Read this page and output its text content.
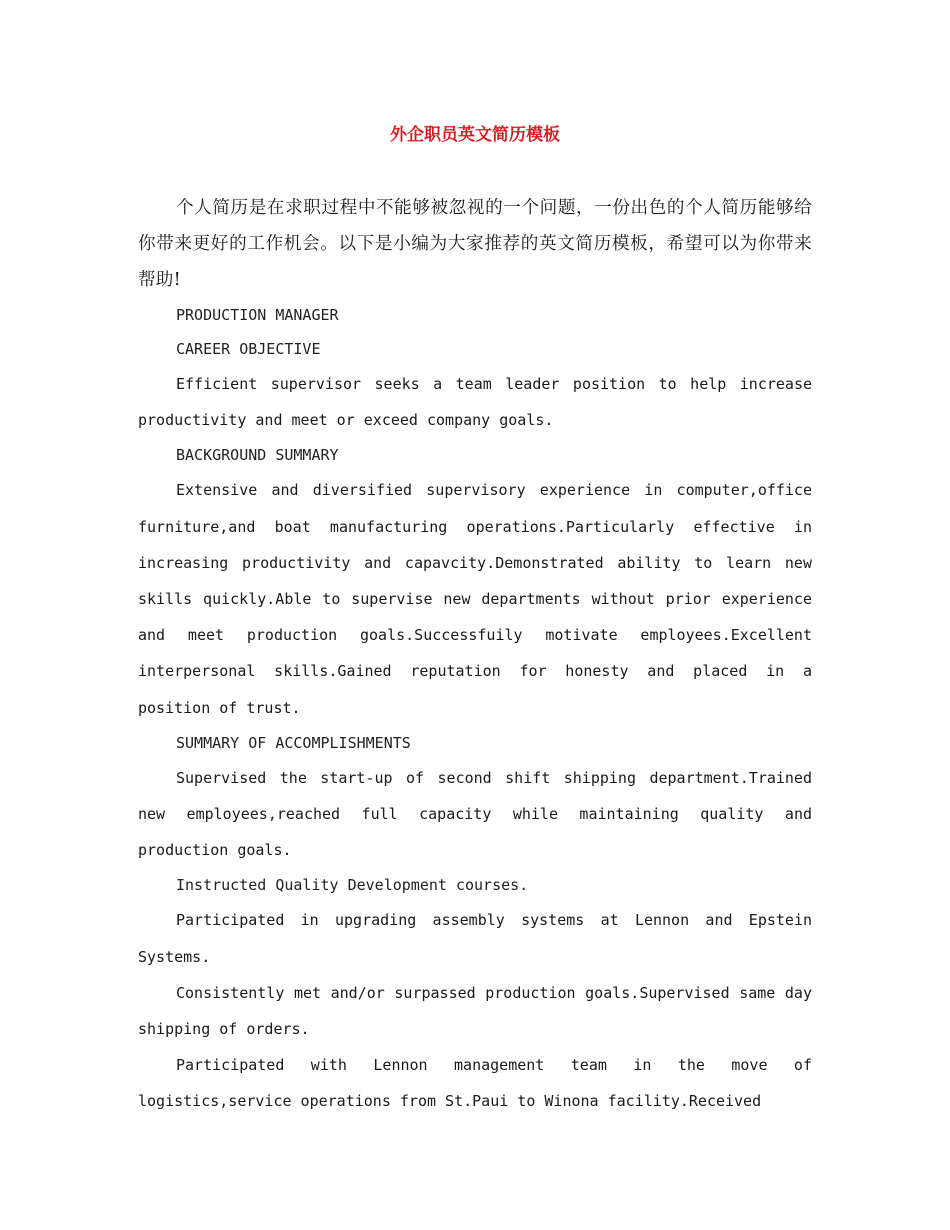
外企职员英文简历模板

个人简历是在求职过程中不能够被忽视的一个问题，一份出色的个人简历能够给你带来更好的工作机会。以下是小编为大家推荐的英文简历模板，希望可以为你带来帮助!

PRODUCTION MANAGER

CAREER OBJECTIVE

Efficient supervisor seeks a team leader position to help increase productivity and meet or exceed company goals.

BACKGROUND SUMMARY

Extensive and diversified supervisory experience in computer,office furniture,and boat manufacturing operations.Particularly effective in increasing productivity and capavcity.Demonstrated ability to learn new skills quickly.Able to supervise new departments without prior experience and meet production goals.Successfuily motivate employees.Excellent interpersonal skills.Gained reputation for honesty and placed in a position of trust.

SUMMARY OF ACCOMPLISHMENTS

Supervised the start-up of second shift shipping department.Trained new employees,reached full capacity while maintaining quality and production goals.

Instructed Quality Development courses.

Participated in upgrading assembly systems at Lennon and Epstein Systems.

Consistently met and/or surpassed production goals.Supervised same day shipping of orders.

Participated with Lennon management team in the move of logistics,service operations from St.Paui to Winona facility.Received
